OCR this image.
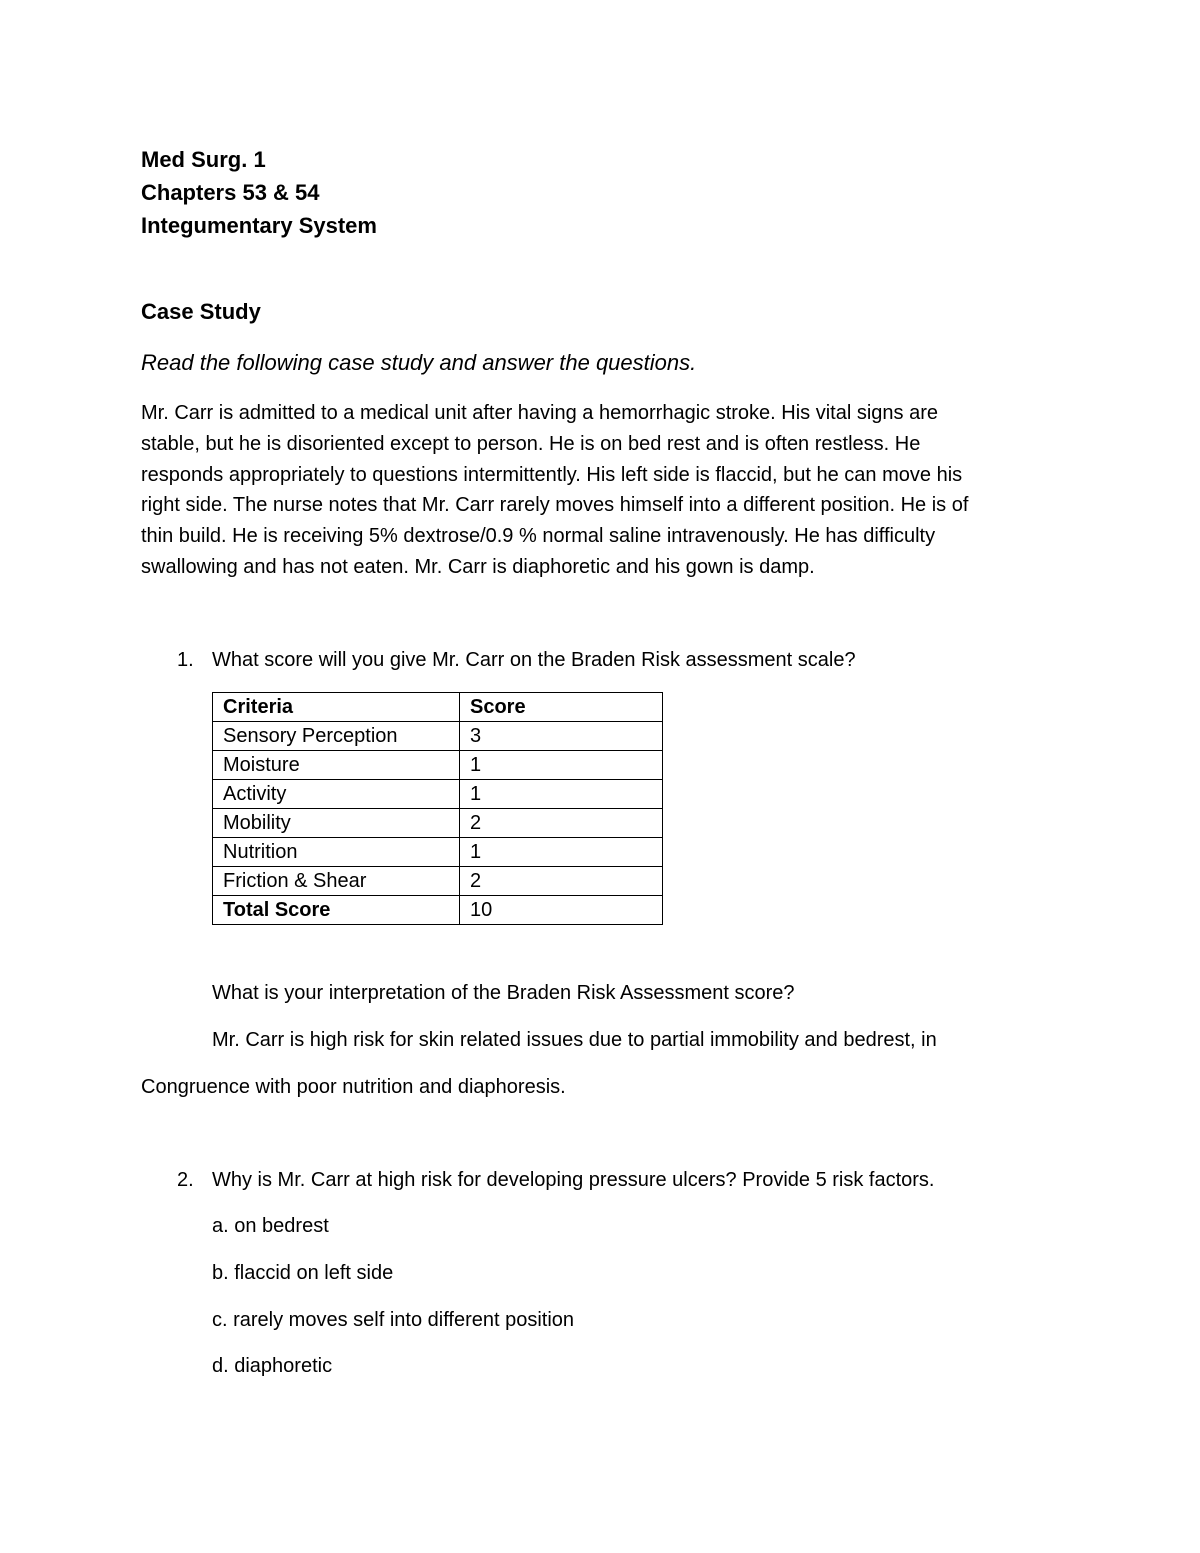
Med Surg. 1
Chapters 53 & 54
Integumentary System
Case Study
Read the following case study and answer the questions.
Mr. Carr is admitted to a medical unit after having a hemorrhagic stroke. His vital signs are
stable, but he is disoriented except to person. He is on bed rest and is often restless. He
responds appropriately to questions intermittently. His left side is flaccid, but he can move his
right side. The nurse notes that Mr. Carr rarely moves himself into a different position. He is of
thin build. He is receiving 5% dextrose/0.9 % normal saline intravenously. He has difficulty
swallowing and has not eaten. Mr. Carr is diaphoretic and his gown is damp.
1. What score will you give Mr. Carr on the Braden Risk assessment scale?
Criteria	Score
Sensory Perception	3
Moisture	1
Activity	1
Mobility	2
Nutrition	1
Friction & Shear	2
Total Score	10
What is your interpretation of the Braden Risk Assessment score?
Mr. Carr is high risk for skin related issues due to partial immobility and bedrest, in
Congruence with poor nutrition and diaphoresis.
2. Why is Mr. Carr at high risk for developing pressure ulcers? Provide 5 risk factors.
a. on bedrest
b. flaccid on left side
c. rarely moves self into different position
d. diaphoretic
